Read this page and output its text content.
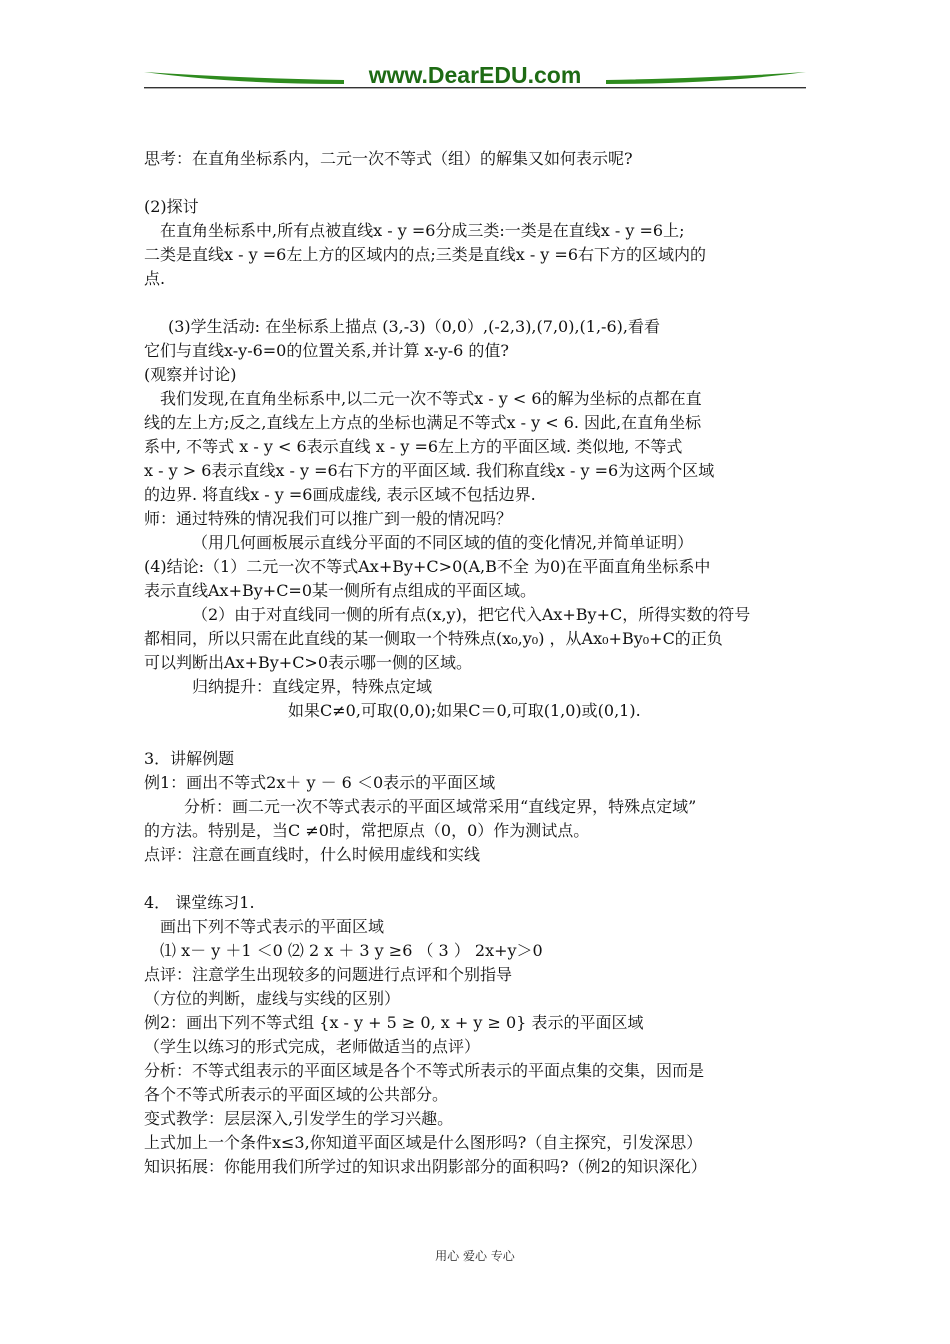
www.DearEDU.com
思考：在直角坐标系内，二元一次不等式（组）的解集又如何表示呢?
(2)探讨
在直角坐标系中,所有点被直线x - y =6分成三类:一类是在直线x - y =6上;
二类是直线x - y =6左上方的区域内的点;三类是直线x - y =6右下方的区域内的
点.
(3)学生活动: 在坐标系上描点 (3,-3)（0,0）,(-2,3),(7,0),(1,-6),看看
它们与直线x-y-6=0的位置关系,并计算 x-y-6 的值?
(观察并讨论)
我们发现,在直角坐标系中,以二元一次不等式x - y < 6的解为坐标的点都在直
线的左上方;反之,直线左上方点的坐标也满足不等式x - y < 6. 因此,在直角坐标
系中, 不等式 x - y < 6表示直线 x - y =6左上方的平面区域. 类似地, 不等式
x - y > 6表示直线x - y =6右下方的平面区域. 我们称直线x - y =6为这两个区域
的边界. 将直线x - y =6画成虚线, 表示区域不包括边界.
师：通过特殊的情况我们可以推广到一般的情况吗？
（用几何画板展示直线分平面的不同区域的值的变化情况,并简单证明）
(4)结论:（1）二元一次不等式Ax+By+C>0(A,B不全 为0)在平面直角坐标系中
表示直线Ax+By+C=0某一侧所有点组成的平面区域。
（2）由于对直线同一侧的所有点(x,y)，把它代入Ax+By+C，所得实数的符号
都相同，所以只需在此直线的某一侧取一个特殊点(x₀,y₀) ，从Ax₀+By₀+C的正负
可以判断出Ax+By+C>0表示哪一侧的区域。
归纳提升：直线定界，特殊点定域
如果C≠0,可取(0,0);如果C＝0,可取(1,0)或(0,1).
3．讲解例题
例1：画出不等式2x＋ y － 6 ＜0表示的平面区域
分析：画二元一次不等式表示的平面区域常采用“直线定界，特殊点定域”
的方法。特别是，当C ≠0时，常把原点（0，0）作为测试点。
点评：注意在画直线时，什么时候用虚线和实线
4． 课堂练习1.
画出下列不等式表示的平面区域
⑴ x－ y ＋1 ＜0 ⑵ 2 x ＋ 3 y ≥6 （ 3 ） 2x+y＞0
点评：注意学生出现较多的问题进行点评和个别指导
（方位的判断，虚线与实线的区别）
例2：画出下列不等式组 {x - y + 5 ≥ 0, x + y ≥ 0} 表示的平面区域
（学生以练习的形式完成，老师做适当的点评）
分析：不等式组表示的平面区域是各个不等式所表示的平面点集的交集，因而是
各个不等式所表示的平面区域的公共部分。
变式教学：层层深入,引发学生的学习兴趣。
上式加上一个条件x≤3,你知道平面区域是什么图形吗?（自主探究，引发深思）
知识拓展：你能用我们所学过的知识求出阴影部分的面积吗?（例2的知识深化）
用心 爱心 专心
